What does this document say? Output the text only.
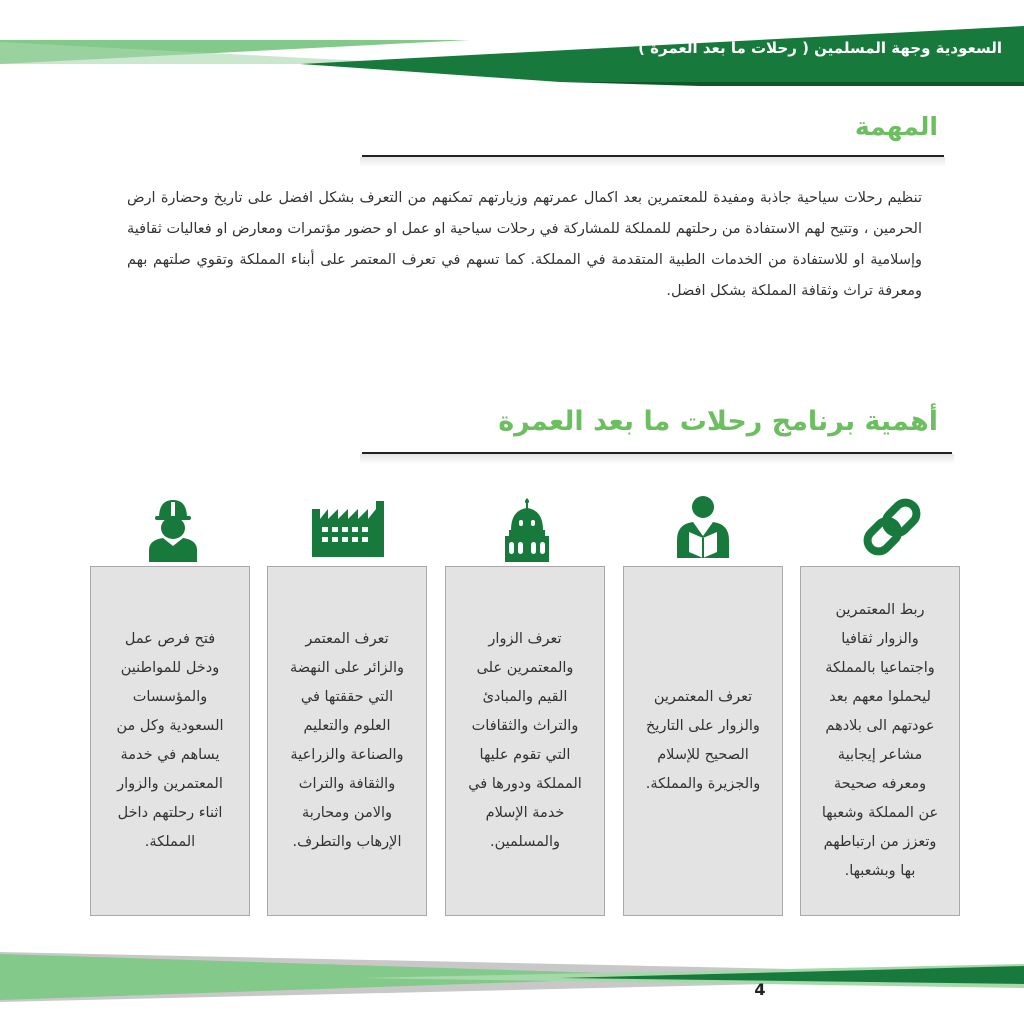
السعودية وجهة المسلمين ( رحلات ما بعد العمرة )
المهمة
تنظيم رحلات سياحية جاذبة ومفيدة للمعتمرين بعد اكمال عمرتهم وزيارتهم تمكنهم من التعرف بشكل افضل على تاريخ وحضارة ارض الحرمين ، وتتيح لهم الاستفادة من رحلتهم للمملكة للمشاركة في رحلات سياحية او عمل او حضور مؤتمرات ومعارض او فعاليات ثقافية وإسلامية او للاستفادة من الخدمات الطبية المتقدمة في المملكة. كما تسهم في تعرف المعتمر على أبناء المملكة وتقوي صلتهم بهم ومعرفة تراث وثقافة المملكة بشكل افضل.
أهمية برنامج رحلات ما بعد العمرة
ربط المعتمرين
والزوار ثقافيا
واجتماعيا بالمملكة
ليحملوا معهم بعد
عودتهم الى بلادهم
مشاعر إيجابية
ومعرفه صحيحة
عن المملكة وشعبها
وتعزز من ارتباطهم
بها وبشعبها.
تعرف المعتمرين
والزوار على التاريخ
الصحيح للإسلام
والجزيرة والمملكة.
تعرف الزوار
والمعتمرين على
القيم والمبادئ
والتراث والثقافات
التي تقوم عليها
المملكة ودورها في
خدمة الإسلام
والمسلمين.
تعرف المعتمر
والزائر على النهضة
التي حققتها في
العلوم والتعليم
والصناعة والزراعية
والثقافة والتراث
والامن ومحاربة
الإرهاب والتطرف.
فتح فرص عمل
ودخل للمواطنين
والمؤسسات
السعودية وكل من
يساهم في خدمة
المعتمرين والزوار
اثناء رحلتهم داخل
المملكة.
4
